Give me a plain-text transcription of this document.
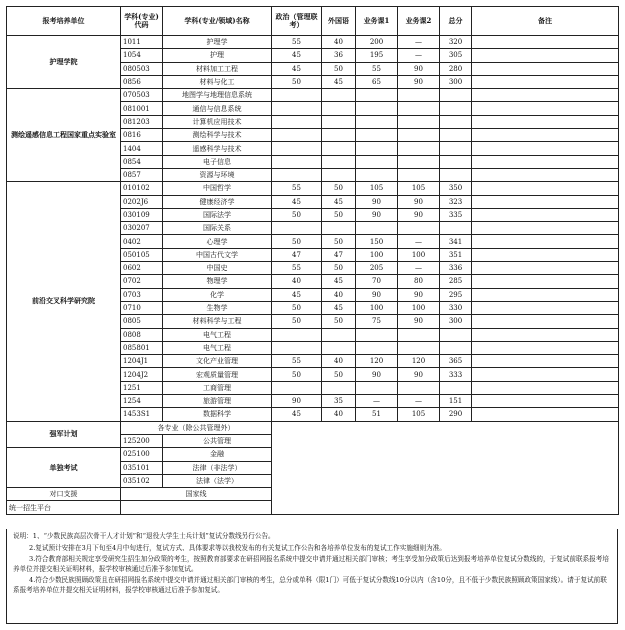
报考培养单位	学科(专业)代码	学科(专业/领域)名称	政治（管理联考）	外国语	业务课1	业务课2	总分	备注
护理学院	1011	护理学	55	40	200	—	320	
	1054	护理	45	36	195	—	305	
	080503	材料加工工程	45	50	55	90	280	
	0856	材料与化工	50	45	65	90	300	
测绘遥感信息工程国家重点实验室	070503	地图学与地理信息系统						
	081001	通信与信息系统						
	081203	计算机应用技术						
	0816	测绘科学与技术						
	1404	遥感科学与技术						
	0854	电子信息						
	0857	资源与环境						
前沿交叉科学研究院	010102	中国哲学	55	50	105	105	350	
	0202J6	健康经济学	45	45	90	90	323	
	030109	国际法学	50	50	90	90	335	
	030207	国际关系						
	0402	心理学	50	50	150	—	341	
	050105	中国古代文学	47	47	100	100	351	
	0602	中国史	55	50	205	—	336	
	0702	物理学	40	45	70	80	285	
	0703	化学	45	40	90	90	295	
	0710	生物学	50	45	100	100	330	
	0805	材料科学与工程	50	50	75	90	300	
	0808	电气工程						
	085801	电气工程						
	1204J1	文化产业管理	55	40	120	120	365	
	1204J2	宏观质量管理	50	50	90	90	333	
	1251	工商管理						
	1254	旅游管理	90	35	—	—	151	
	1453S1	数据科学	45	40	51	105	290	
强军计划	各专业（除公共管理外）							
	125200	公共管理						
单独考试	025100	金融						
	035101	法律（非法学）						
	035102	法律（法学）						
对口支援	国家线							
统一招生平台								

说明：1、“少数民族高层次骨干人才计划”和“退役大学生士兵计划”复试分数线另行公告。

2.复试预计安排在3月下旬至4月中旬进行，复试方式、具体要求等以我校发布的有关复试工作公告和各培养单位发布的复试工作实施细则为准。

3.符合教育部相关规定享受研究生招生加分政策的考生，按照教育部要求在研招网报名系统中提交申请并通过相关部门审核；考生享受加分政策后达到报考培养单位复试分数线的，于复试前联系报考培养单位并提交相关证明材料，报学校审核通过后准予参加复试。

4.符合少数民族照顾政策且在研招网报名系统中提交申请并通过相关部门审核的考生，总分或单科（限1门）可低于复试分数线10分以内（含10分，且不低于少数民族照顾政策国家线）。请于复试前联系报考培养单位并提交相关证明材料，报学校审核通过后准予参加复试。
